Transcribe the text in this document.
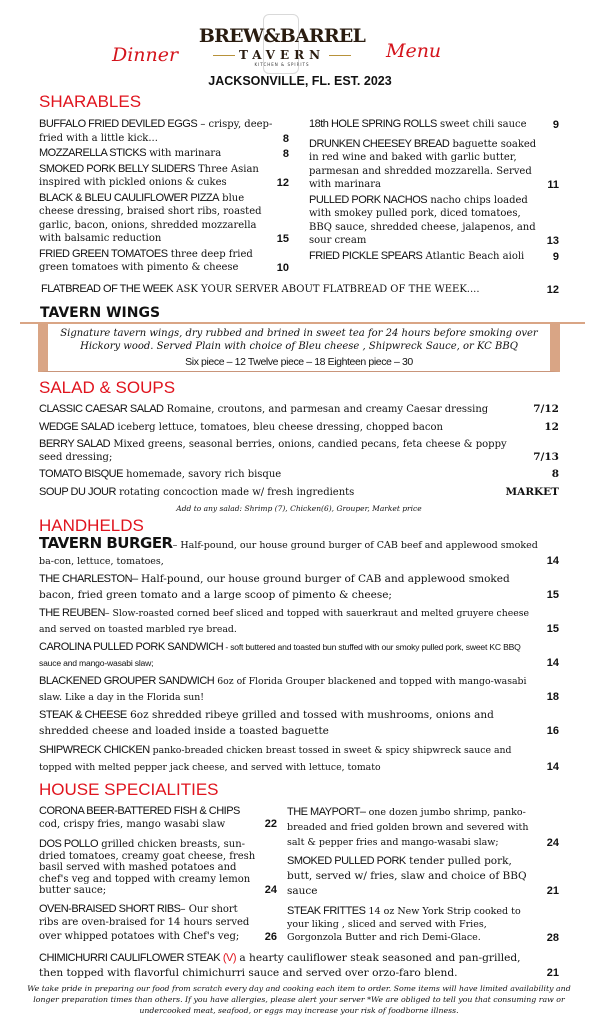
Dinner	Menu
BREW&BARREL
TAVERN
KITCHEN & SPIRITS
JACKSONVILLE, FL. EST. 2023
SHARABLES
BUFFALO FRIED DEVILED EGGS – crispy, deep-fried with a little kick...	8
MOZZARELLA STICKS with marinara	8
SMOKED PORK BELLY SLIDERS Three Asian inspired with pickled onions & cukes	12
BLACK & BLEU CAULIFLOWER PIZZA blue cheese dressing, braised short ribs, roasted garlic, bacon, onions, shredded mozzarella with balsamic reduction	15
FRIED GREEN TOMATOES three deep fried green tomatoes with pimento & cheese	10
18th HOLE SPRING ROLLS sweet chili sauce	9
DRUNKEN CHEESEY BREAD baguette soaked in red wine and baked with garlic butter, parmesan and shredded mozzarella. Served with marinara	11
PULLED PORK NACHOS nacho chips loaded with smokey pulled pork, diced tomatoes, BBQ sauce, shredded cheese, jalapenos, and sour cream	13
FRIED PICKLE SPEARS Atlantic Beach aioli	9
FLATBREAD OF THE WEEK ASK YOUR SERVER ABOUT FLATBREAD OF THE WEEK....	12
TAVERN WINGS
Signature tavern wings, dry rubbed and brined in sweet tea for 24 hours before smoking over Hickory wood. Served Plain with choice of Bleu cheese , Shipwreck Sauce, or KC BBQ
Six piece – 12 Twelve piece – 18 Eighteen piece – 30
SALAD & SOUPS
CLASSIC CAESAR SALAD Romaine, croutons, and parmesan and creamy Caesar dressing	7/12
WEDGE SALAD iceberg lettuce, tomatoes, bleu cheese dressing, chopped bacon	12
BERRY SALAD Mixed greens, seasonal berries, onions, candied pecans, feta cheese & poppy seed dressing;	7/13
TOMATO BISQUE homemade, savory rich bisque	8
SOUP DU JOUR rotating concoction made w/ fresh ingredients	MARKET
Add to any salad: Shrimp (7), Chicken(6), Grouper, Market price
HANDHELDS
TAVERN BURGER– Half-pound, our house ground burger of CAB beef and applewood smoked ba-con, lettuce, tomatoes,	14
THE CHARLESTON– Half-pound, our house ground burger of CAB and applewood smoked bacon, fried green tomato and a large scoop of pimento & cheese;	15
THE REUBEN– Slow-roasted corned beef sliced and topped with sauerkraut and melted gruyere cheese and served on toasted marbled rye bread.	15
CAROLINA PULLED PORK SANDWICH - soft buttered and toasted bun stuffed with our smoky pulled pork, sweet KC BBQ sauce and mango-wasabi slaw;	14
BLACKENED GROUPER SANDWICH 6oz of Florida Grouper blackened and topped with mango-wasabi slaw. Like a day in the Florida sun!	18
STEAK & CHEESE 6oz shredded ribeye grilled and tossed with mushrooms, onions and shredded cheese and loaded inside a toasted baguette	16
SHIPWRECK CHICKEN panko-breaded chicken breast tossed in sweet & spicy shipwreck sauce and topped with melted pepper jack cheese, and served with lettuce, tomato	14
HOUSE SPECIALITIES
CORONA BEER-BATTERED FISH & CHIPS
cod, crispy fries, mango wasabi slaw	22
DOS POLLO grilled chicken breasts, sun-dried tomatoes, creamy goat cheese, fresh basil served with mashed potatoes and chef's veg and topped with creamy lemon butter sauce;	24
OVEN-BRAISED SHORT RIBS– Our short ribs are oven-braised for 14 hours served over whipped potatoes with Chef's veg;	26
THE MAYPORT– one dozen jumbo shrimp, panko-breaded and fried golden brown and severed with salt & pepper fries and mango-wasabi slaw;	24
SMOKED PULLED PORK tender pulled pork, butt, served w/ fries, slaw and choice of BBQ sauce	21
STEAK FRITTES 14 oz New York Strip cooked to your liking , sliced and served with Fries, Gorgonzola Butter and rich Demi-Glace.	28
CHIMICHURRI CAULIFLOWER STEAK (V) a hearty cauliflower steak seasoned and pan-grilled, then topped with flavorful chimichurri sauce and served over orzo-faro blend.	21
We take pride in preparing our food from scratch every day and cooking each item to order. Some items will have limited availability and longer preparation times than others. If you have allergies, please alert your server *We are obliged to tell you that consuming raw or undercooked meat, seafood, or eggs may increase your risk of foodborne illness.
